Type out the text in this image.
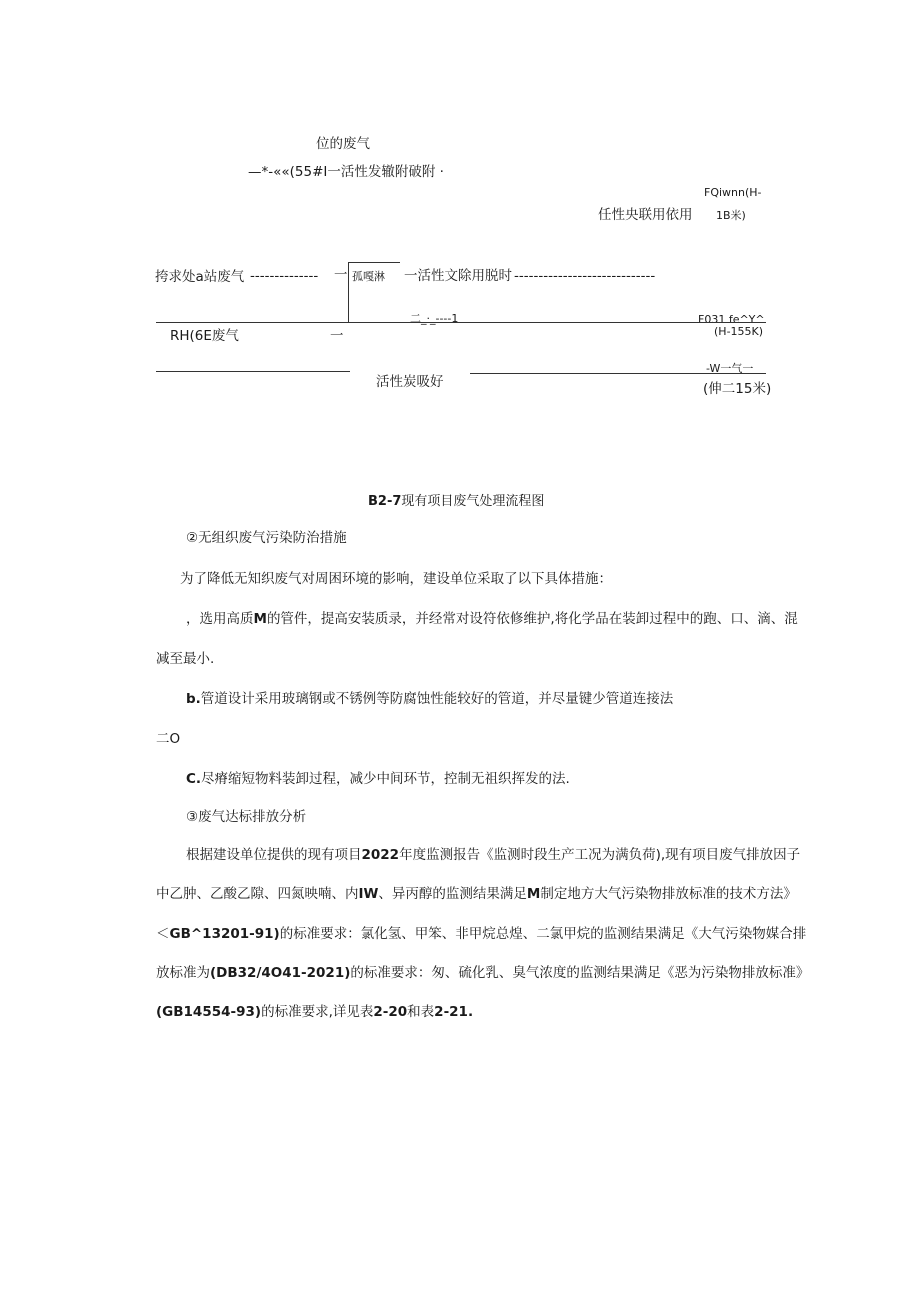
位的废气
—*-««(55#I一活性发辙附破附 ·
FQiwnn(H-
任性央联用依用 1B米)
挎求处a站废气 -------------- 一 孤嘎淋 一活性文除用脱时 -----------------------------
二_·_----1	F031 fe^Y^
(H-155K)
RH(6E废气	一
-W一气一
活性炭吸好	(伸二15米)
B2-7现有项目废气处理流程图
②无组织废气污染防治措施
为了降低无知织废气对周困环境的影响，建设单位采取了以下具体措施：
，选用高质M的管件，提高安装质录，并经常对设符依修维护,将化学品在装卸过程中的跑、口、滴、混
减至最小.
b.管道设计采用玻璃钢或不锈例等防腐蚀性能较好的管道，并尽量键少管道连接法
二O
C.尽瘠缩短物料装卸过程，减少中间环节，控制无祖织挥发的法.
③废气达标排放分析
根据建设单位提供的现有项目2022年度监测报告《监测时段生产工况为满负荷),现有项目废气排放因子
中乙肿、乙酸乙隙、四氮映喃、内IW、异丙醇的监测结果满足M制定地方大气污染物排放标准的技术方法》
＜GB^13201-91)的标准要求：氯化氢、甲笨、非甲烷总煌、二氯甲烷的监测结果满足《大气污染物媒合排
放标准为(DB32/4O41-2021)的标准要求：匆、硫化乳、臭气浓度的监测结果满足《恶为污染物排放标准》
(GB14554-93)的标准要求,详见表2-20和表2-21.
